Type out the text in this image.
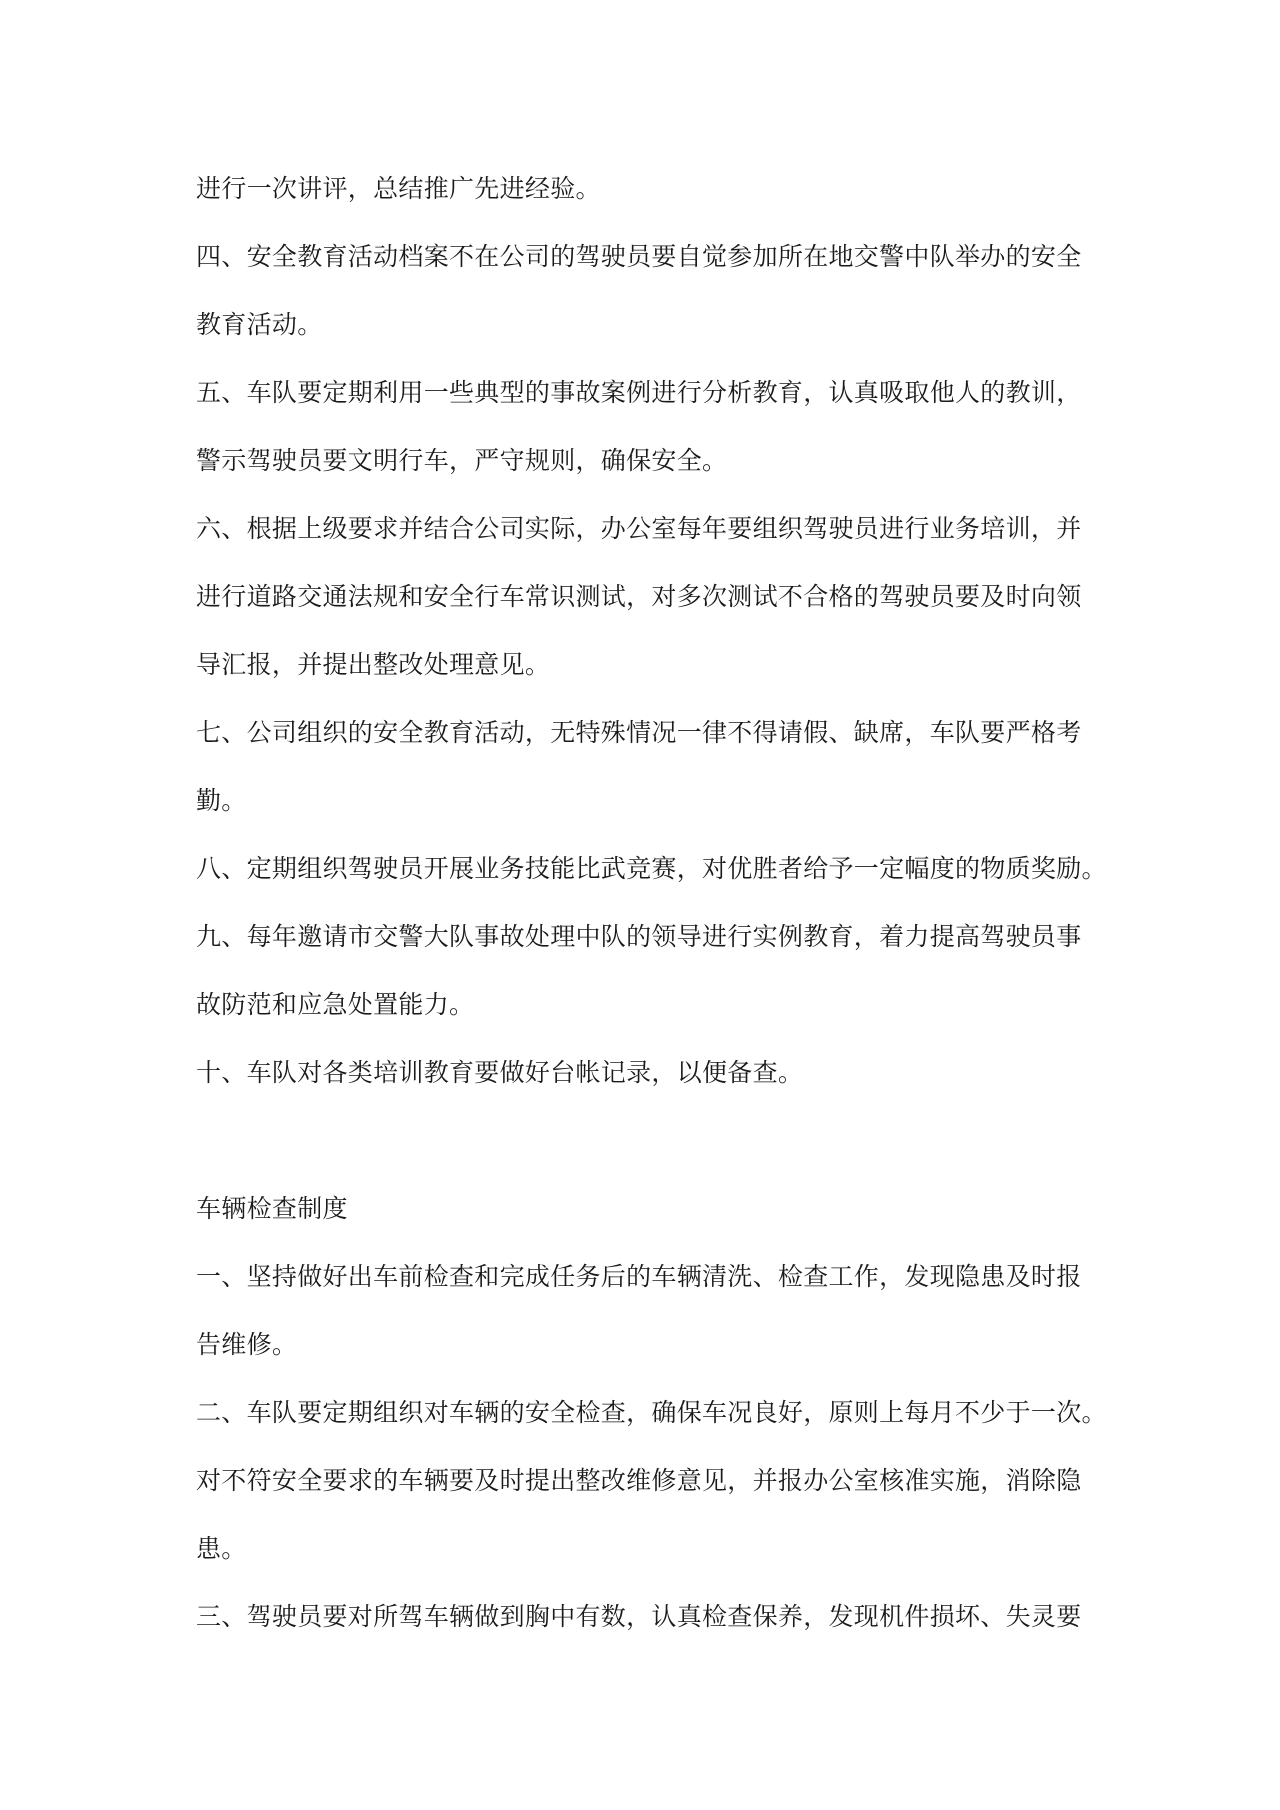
进行一次讲评，总结推广先进经验。
四、安全教育活动档案不在公司的驾驶员要自觉参加所在地交警中队举办的安全
教育活动。
五、车队要定期利用一些典型的事故案例进行分析教育，认真吸取他人的教训，
警示驾驶员要文明行车，严守规则，确保安全。
六、根据上级要求并结合公司实际，办公室每年要组织驾驶员进行业务培训，并
进行道路交通法规和安全行车常识测试，对多次测试不合格的驾驶员要及时向领
导汇报，并提出整改处理意见。
七、公司组织的安全教育活动，无特殊情况一律不得请假、缺席，车队要严格考
勤。
八、定期组织驾驶员开展业务技能比武竞赛，对优胜者给予一定幅度的物质奖励。
九、每年邀请市交警大队事故处理中队的领导进行实例教育，着力提高驾驶员事
故防范和应急处置能力。
十、车队对各类培训教育要做好台帐记录，以便备查。
车辆检查制度
一、坚持做好出车前检查和完成任务后的车辆清洗、检查工作，发现隐患及时报
告维修。
二、车队要定期组织对车辆的安全检查，确保车况良好，原则上每月不少于一次。
对不符安全要求的车辆要及时提出整改维修意见，并报办公室核准实施，消除隐
患。
三、驾驶员要对所驾车辆做到胸中有数，认真检查保养，发现机件损坏、失灵要
